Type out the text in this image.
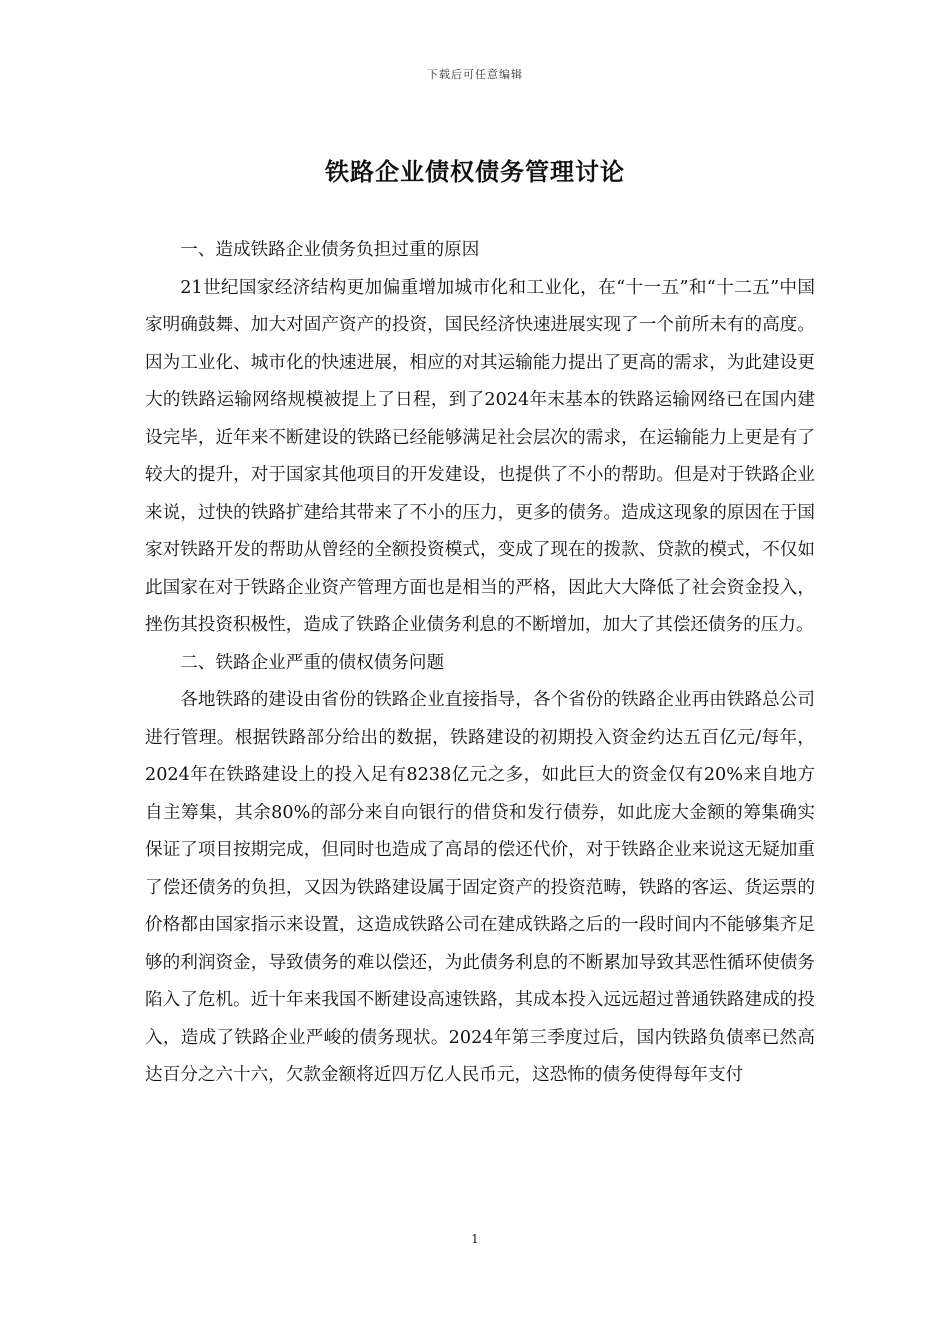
下载后可任意编辑
铁路企业债权债务管理讨论

一、造成铁路企业债务负担过重的原因

21世纪国家经济结构更加偏重增加城市化和工业化，在“十一五”和“十二五”中国家明确鼓舞、加大对固产资产的投资，国民经济快速进展实现了一个前所未有的高度。因为工业化、城市化的快速进展，相应的对其运输能力提出了更高的需求，为此建设更大的铁路运输网络规模被提上了日程，到了2024年末基本的铁路运输网络已在国内建设完毕，近年来不断建设的铁路已经能够满足社会层次的需求，在运输能力上更是有了较大的提升，对于国家其他项目的开发建设，也提供了不小的帮助。但是对于铁路企业来说，过快的铁路扩建给其带来了不小的压力，更多的债务。造成这现象的原因在于国家对铁路开发的帮助从曾经的全额投资模式，变成了现在的拨款、贷款的模式，不仅如此国家在对于铁路企业资产管理方面也是相当的严格，因此大大降低了社会资金投入，挫伤其投资积极性，造成了铁路企业债务利息的不断增加，加大了其偿还债务的压力。

二、铁路企业严重的债权债务问题

各地铁路的建设由省份的铁路企业直接指导，各个省份的铁路企业再由铁路总公司进行管理。根据铁路部分给出的数据，铁路建设的初期投入资金约达五百亿元/每年，2024年在铁路建设上的投入足有8238亿元之多，如此巨大的资金仅有20%来自地方自主筹集，其余80%的部分来自向银行的借贷和发行债券，如此庞大金额的筹集确实保证了项目按期完成，但同时也造成了高昂的偿还代价，对于铁路企业来说这无疑加重了偿还债务的负担，又因为铁路建设属于固定资产的投资范畴，铁路的客运、货运票的价格都由国家指示来设置，这造成铁路公司在建成铁路之后的一段时间内不能够集齐足够的利润资金，导致债务的难以偿还，为此债务利息的不断累加导致其恶性循环使债务陷入了危机。近十年来我国不断建设高速铁路，其成本投入远远超过普通铁路建成的投入，造成了铁路企业严峻的债务现状。2024年第三季度过后，国内铁路负债率已然高达百分之六十六，欠款金额将近四万亿人民币元，这恐怖的债务使得每年支付

1
